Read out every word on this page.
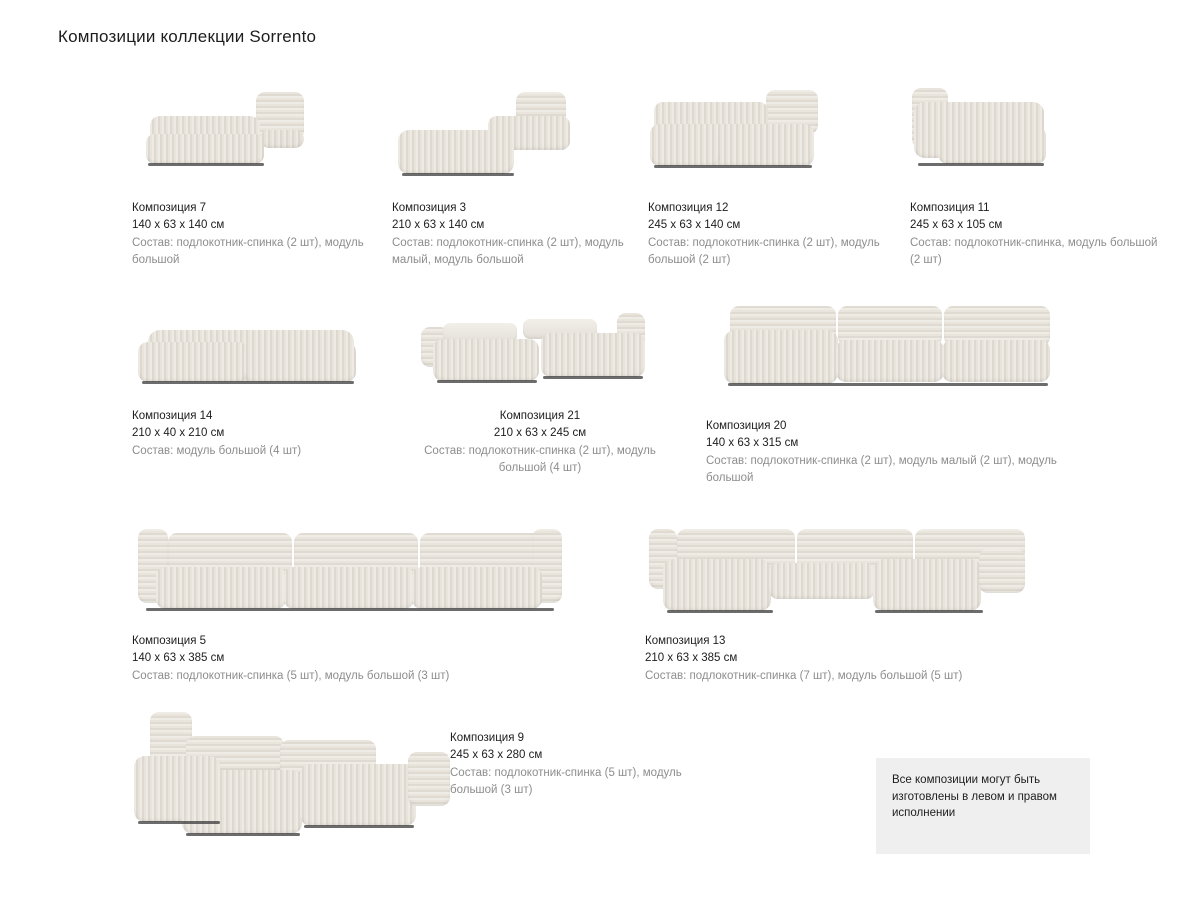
Композиции коллекции Sorrento
Композиция 7
140 x 63 x 140 см
Состав: подлокотник-спинка (2 шт), модуль большой
Композиция 3
210 x 63 x 140 см
Состав: подлокотник-спинка (2 шт), модуль малый, модуль большой
Композиция 12
245 x 63 x 140 см
Состав: подлокотник-спинка (2 шт), модуль большой (2 шт)
Композиция 11
245 x 63 x 105 см
Состав: подлокотник-спинка, модуль большой (2 шт)
Композиция 14
210 x 40 x 210 см
Состав: модуль большой (4 шт)
Композиция 21
210 x 63 x 245 см
Состав: подлокотник-спинка (2 шт), модуль большой (4 шт)
Композиция 20
140 x 63 x 315 см
Состав: подлокотник-спинка (2 шт), модуль малый (2 шт), модуль большой
Композиция 5
140 x 63 x 385 см
Состав: подлокотник-спинка (5 шт), модуль большой (3 шт)
Композиция 13
210 x 63 x 385 см
Состав: подлокотник-спинка (7 шт), модуль большой (5 шт)
Композиция 9
245 x 63 x 280 см
Состав: подлокотник-спинка (5 шт), модуль большой (3 шт)
Все композиции могут быть изготовлены в левом и правом исполнении
